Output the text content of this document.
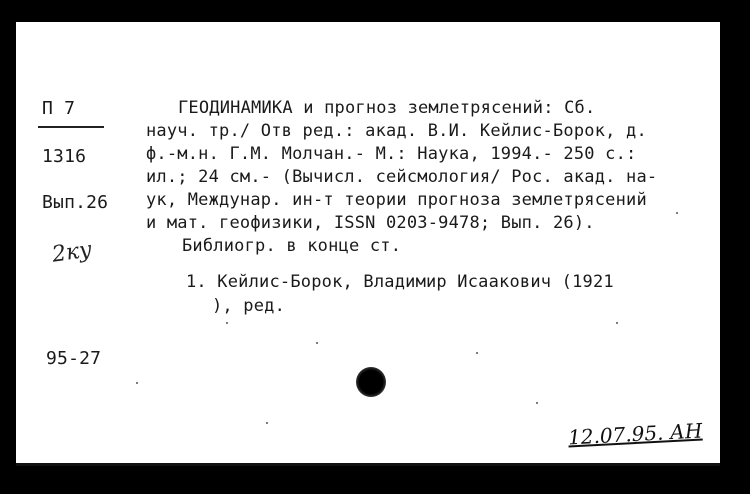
П 7
1316
Вып.26
2ку
95-27
ГЕОДИНАМИКА и прогноз землетрясений: Сб.
науч. тр./ Отв ред.: акад. В.И. Кейлис-Борок, д.
ф.-м.н. Г.М. Молчан.- М.: Наука, 1994.- 250 с.:
ил.; 24 см.- (Вычисл. сейсмология/ Рос. акад. на-
ук, Междунар. ин-т теории прогноза землетрясений
и мат. геофизики, ISSN 0203-9478; Вып. 26).
Библиогр. в конце ст.
1. Кейлис-Борок, Владимир Исаакович (1921
), ред.
12.07.95. АН
